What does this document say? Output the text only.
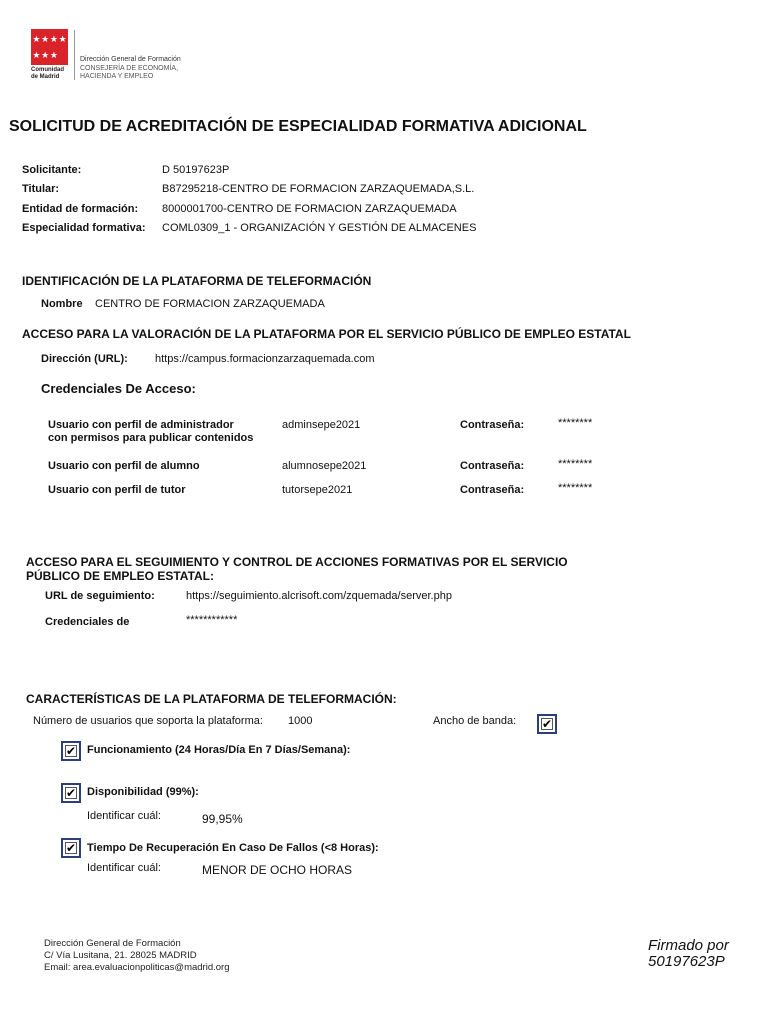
★ ★ ★ ★
★ ★ ★
Comunidad
de Madrid
Dirección General de Formación
CONSEJERÍA DE ECONOMÍA, HACIENDA Y EMPLEO
SOLICITUD DE ACREDITACIÓN DE ESPECIALIDAD FORMATIVA ADICIONAL
Solicitante:	D 50197623P
Titular:	B87295218-CENTRO DE FORMACION ZARZAQUEMADA,S.L.
Entidad de formación: 8000001700-CENTRO DE FORMACION ZARZAQUEMADA
Especialidad formativa: COML0309_1 - ORGANIZACIÓN Y GESTIÓN DE ALMACENES
IDENTIFICACIÓN DE LA PLATAFORMA DE TELEFORMACIÓN
Nombre CENTRO DE FORMACION ZARZAQUEMADA
ACCESO PARA LA VALORACIÓN DE LA PLATAFORMA POR EL SERVICIO PÚBLICO DE EMPLEO ESTATAL
Dirección (URL): https://campus.formacionzarzaquemada.com
Credenciales De Acceso:
Usuario con perfil de administrador
con permisos para publicar contenidos
adminsepe2021	Contraseña:	********
Usuario con perfil de alumno	alumnosepe2021	Contraseña:	********
Usuario con perfil de tutor	tutorsepe2021	Contraseña:	********
ACCESO PARA EL SEGUIMIENTO Y CONTROL DE ACCIONES FORMATIVAS POR EL SERVICIO
PÚBLICO DE EMPLEO ESTATAL:
URL de seguimiento:	https://seguimiento.alcrisoft.com/zquemada/server.php
Credenciales de	************
CARACTERÍSTICAS DE LA PLATAFORMA DE TELEFORMACIÓN:
Número de usuarios que soporta la plataforma: 1000	Ancho de banda: ✔
✔ Funcionamiento (24 Horas/Día En 7 Días/Semana):
✔ Disponibilidad (99%):
Identificar cuál:	99,95%
✔ Tiempo De Recuperación En Caso De Fallos (<8 Horas):
Identificar cuál:	MENOR DE OCHO HORAS
Dirección General de Formación
C/ Vía Lusitana, 21. 28025 MADRID
Email: area.evaluacionpoliticas@madrid.org
Firmado por
50197623P
